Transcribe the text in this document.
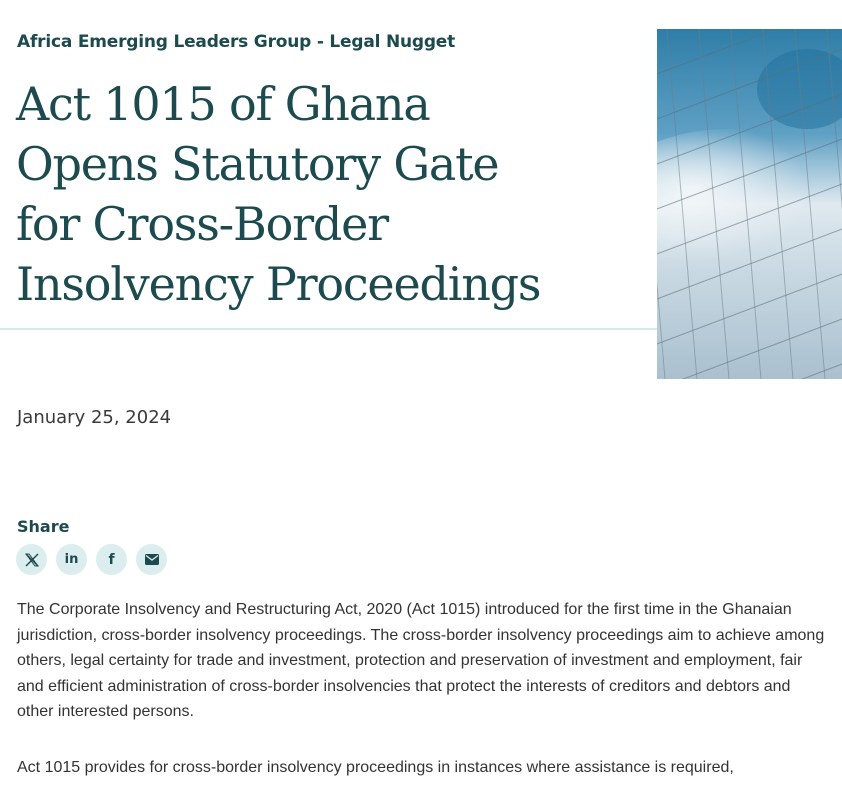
Africa Emerging Leaders Group - Legal Nugget
Act 1015 of Ghana
Opens Statutory Gate
for Cross-Border
Insolvency Proceedings
January 25, 2024
Share
in f

The Corporate Insolvency and Restructuring Act, 2020 (Act 1015) introduced for the first time in the Ghanaian jurisdiction, cross-border insolvency proceedings. The cross-border insolvency proceedings aim to achieve among others, legal certainty for trade and investment, protection and preservation of investment and employment, fair and efficient administration of cross-border insolvencies that protect the interests of creditors and debtors and other interested persons.

Act 1015 provides for cross-border insolvency proceedings in instances where assistance is required,
